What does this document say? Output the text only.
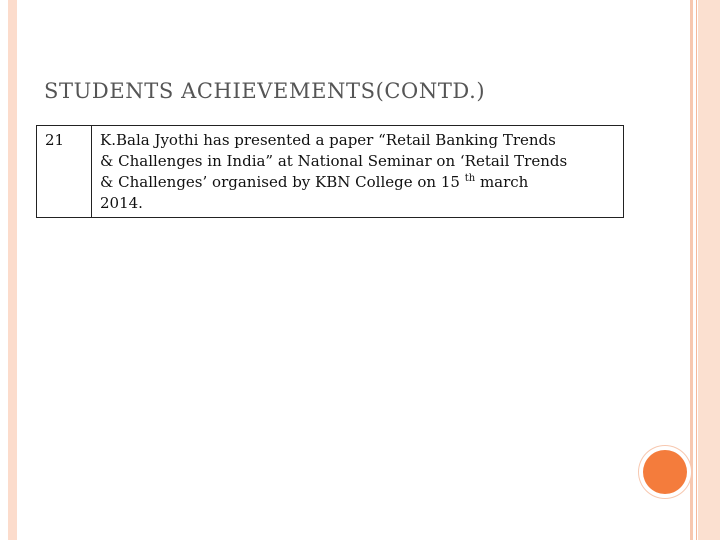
STUDENTS ACHIEVEMENTS(CONTD.)
21	K.Bala Jyothi has presented a paper “Retail Banking Trends
& Challenges in India” at National Seminar on ‘Retail Trends
& Challenges’ organised by KBN College on 15 $^{th}$ march
2014.
